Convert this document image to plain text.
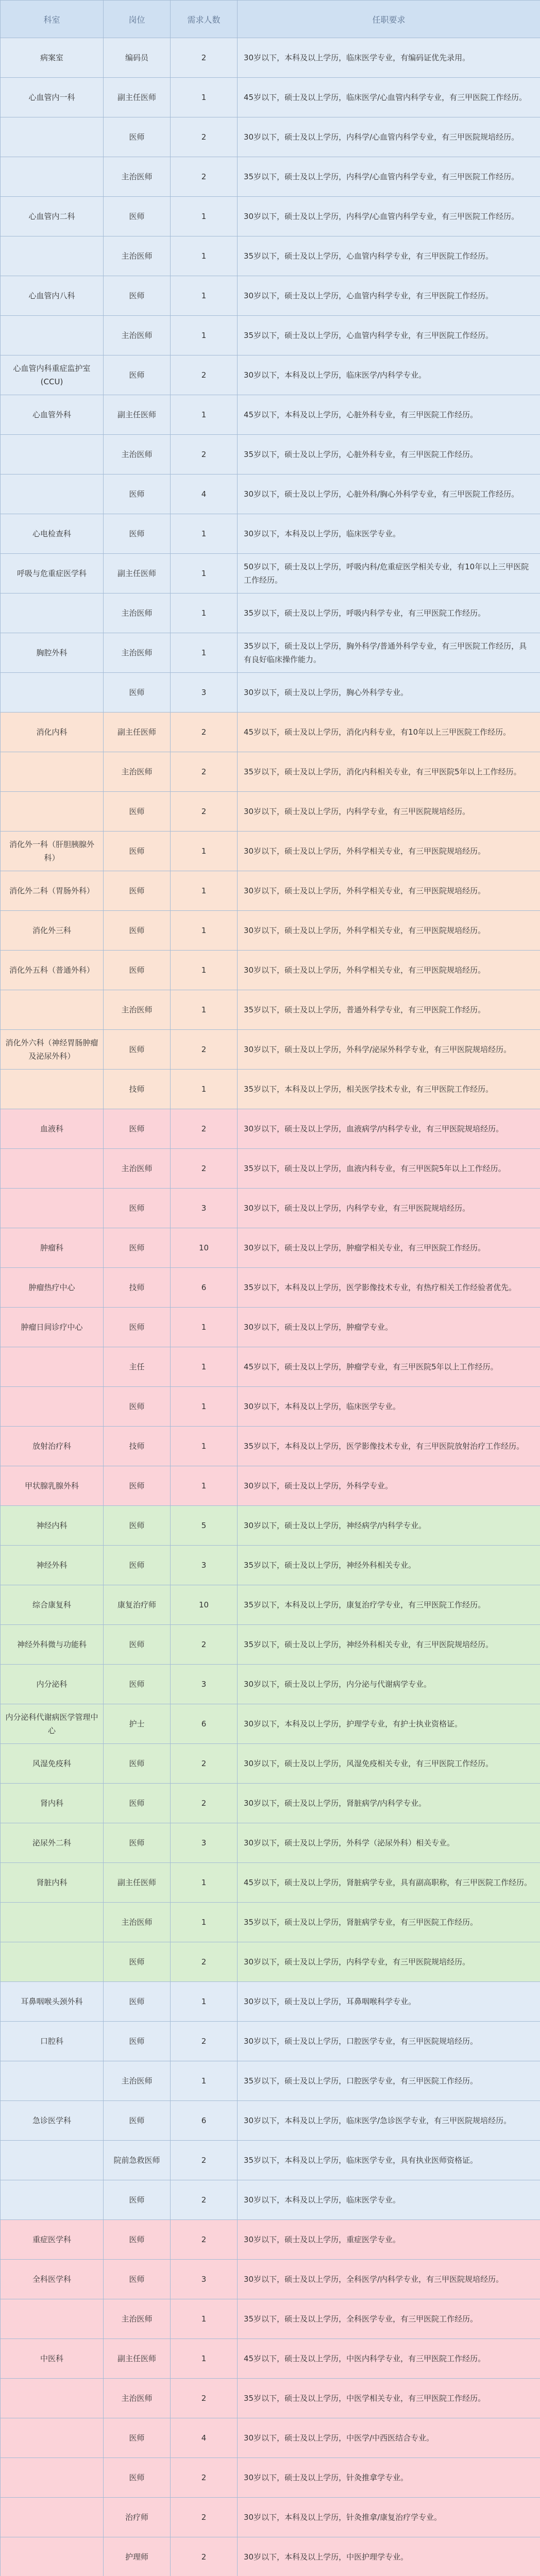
科室	岗位	需求人数	任职要求
病案室	编码员	2	30岁以下，本科及以上学历，临床医学专业，有编码证优先录用。
心血管内一科	副主任医师	1	45岁以下，硕士及以上学历，临床医学/心血管内科学专业，有三甲医院工作经历。
	医师	2	30岁以下，硕士及以上学历，内科学/心血管内科学专业，有三甲医院规培经历。
	主治医师	2	35岁以下，硕士及以上学历，内科学/心血管内科学专业，有三甲医院工作经历。
心血管内二科	医师	1	30岁以下，硕士及以上学历，内科学/心血管内科学专业，有三甲医院工作经历。
	主治医师	1	35岁以下，硕士及以上学历，心血管内科学专业，有三甲医院工作经历。
心血管内八科	医师	1	30岁以下，硕士及以上学历，心血管内科学专业，有三甲医院工作经历。
	主治医师	1	35岁以下，硕士及以上学历，心血管内科学专业，有三甲医院工作经历。
心血管内科重症监护室(CCU)	医师	2	30岁以下，本科及以上学历，临床医学/内科学专业。
心血管外科	副主任医师	1	45岁以下，本科及以上学历，心脏外科专业，有三甲医院工作经历。
	主治医师	2	35岁以下，硕士及以上学历，心脏外科专业，有三甲医院工作经历。
	医师	4	30岁以下，硕士及以上学历，心脏外科/胸心外科学专业，有三甲医院工作经历。
心电检查科	医师	1	30岁以下，本科及以上学历，临床医学专业。
呼吸与危重症医学科	副主任医师	1	50岁以下，硕士及以上学历，呼吸内科/危重症医学相关专业，有10年以上三甲医院工作经历。
	主治医师	1	35岁以下，硕士及以上学历，呼吸内科学专业，有三甲医院工作经历。
胸腔外科	主治医师	1	35岁以下，硕士及以上学历，胸外科学/普通外科学专业，有三甲医院工作经历，具有良好临床操作能力。
	医师	3	30岁以下，硕士及以上学历，胸心外科学专业。
消化内科	副主任医师	2	45岁以下，硕士及以上学历，消化内科专业，有10年以上三甲医院工作经历。
	主治医师	2	35岁以下，硕士及以上学历，消化内科相关专业，有三甲医院5年以上工作经历。
	医师	2	30岁以下，硕士及以上学历，内科学专业，有三甲医院规培经历。
消化外一科（肝胆胰腺外科）	医师	1	30岁以下，硕士及以上学历，外科学相关专业，有三甲医院规培经历。
消化外二科（胃肠外科）	医师	1	30岁以下，硕士及以上学历，外科学相关专业，有三甲医院规培经历。
消化外三科	医师	1	30岁以下，硕士及以上学历，外科学相关专业，有三甲医院规培经历。
消化外五科（普通外科）	医师	1	30岁以下，硕士及以上学历，外科学相关专业，有三甲医院规培经历。
	主治医师	1	35岁以下，硕士及以上学历，普通外科学专业，有三甲医院工作经历。
消化外六科（神经胃肠肿瘤及泌尿外科）	医师	2	30岁以下，硕士及以上学历，外科学/泌尿外科学专业，有三甲医院规培经历。
	技师	1	35岁以下，本科及以上学历，相关医学技术专业，有三甲医院工作经历。
血液科	医师	2	30岁以下，硕士及以上学历，血液病学/内科学专业，有三甲医院规培经历。
	主治医师	2	35岁以下，硕士及以上学历，血液内科专业，有三甲医院5年以上工作经历。
	医师	3	30岁以下，硕士及以上学历，内科学专业，有三甲医院规培经历。
肿瘤科	医师	10	30岁以下，硕士及以上学历，肿瘤学相关专业，有三甲医院工作经历。
肿瘤热疗中心	技师	6	35岁以下，本科及以上学历，医学影像技术专业，有热疗相关工作经验者优先。
肿瘤日间诊疗中心	医师	1	30岁以下，硕士及以上学历，肿瘤学专业。
	主任	1	45岁以下，硕士及以上学历，肿瘤学专业，有三甲医院5年以上工作经历。
	医师	1	30岁以下，本科及以上学历，临床医学专业。
放射治疗科	技师	1	35岁以下，本科及以上学历，医学影像技术专业，有三甲医院放射治疗工作经历。
甲状腺乳腺外科	医师	1	30岁以下，硕士及以上学历，外科学专业。
神经内科	医师	5	30岁以下，硕士及以上学历，神经病学/内科学专业。
神经外科	医师	3	35岁以下，硕士及以上学历，神经外科相关专业。
综合康复科	康复治疗师	10	35岁以下，本科及以上学历，康复治疗学专业，有三甲医院工作经历。
神经外科微与功能科	医师	2	35岁以下，硕士及以上学历，神经外科相关专业，有三甲医院规培经历。
内分泌科	医师	3	30岁以下，硕士及以上学历，内分泌与代谢病学专业。
内分泌科代谢病医学管理中心	护士	6	30岁以下，本科及以上学历，护理学专业，有护士执业资格证。
风湿免疫科	医师	2	30岁以下，硕士及以上学历，风湿免疫相关专业，有三甲医院工作经历。
肾内科	医师	2	30岁以下，硕士及以上学历，肾脏病学/内科学专业。
泌尿外二科	医师	3	30岁以下，硕士及以上学历，外科学（泌尿外科）相关专业。
肾脏内科	副主任医师	1	45岁以下，硕士及以上学历，肾脏病学专业，具有副高职称，有三甲医院工作经历。
	主治医师	1	35岁以下，硕士及以上学历，肾脏病学专业，有三甲医院工作经历。
	医师	2	30岁以下，硕士及以上学历，内科学专业，有三甲医院规培经历。
耳鼻咽喉头颈外科	医师	1	30岁以下，硕士及以上学历，耳鼻咽喉科学专业。
口腔科	医师	2	30岁以下，硕士及以上学历，口腔医学专业，有三甲医院规培经历。
	主治医师	1	35岁以下，硕士及以上学历，口腔医学专业，有三甲医院工作经历。
急诊医学科	医师	6	30岁以下，本科及以上学历，临床医学/急诊医学专业，有三甲医院规培经历。
	院前急救医师	2	35岁以下，本科及以上学历，临床医学专业，具有执业医师资格证。
	医师	2	30岁以下，本科及以上学历，临床医学专业。
重症医学科	医师	2	30岁以下，硕士及以上学历，重症医学专业。
全科医学科	医师	3	30岁以下，硕士及以上学历，全科医学/内科学专业，有三甲医院规培经历。
	主治医师	1	35岁以下，硕士及以上学历，全科医学专业，有三甲医院工作经历。
中医科	副主任医师	1	45岁以下，硕士及以上学历，中医内科学专业，有三甲医院工作经历。
	主治医师	2	35岁以下，硕士及以上学历，中医学相关专业，有三甲医院工作经历。
	医师	4	30岁以下，硕士及以上学历，中医学/中西医结合专业。
	医师	2	30岁以下，硕士及以上学历，针灸推拿学专业。
	治疗师	2	30岁以下，本科及以上学历，针灸推拿/康复治疗学专业。
	护理师	2	30岁以下，本科及以上学历，中医护理学专业。
